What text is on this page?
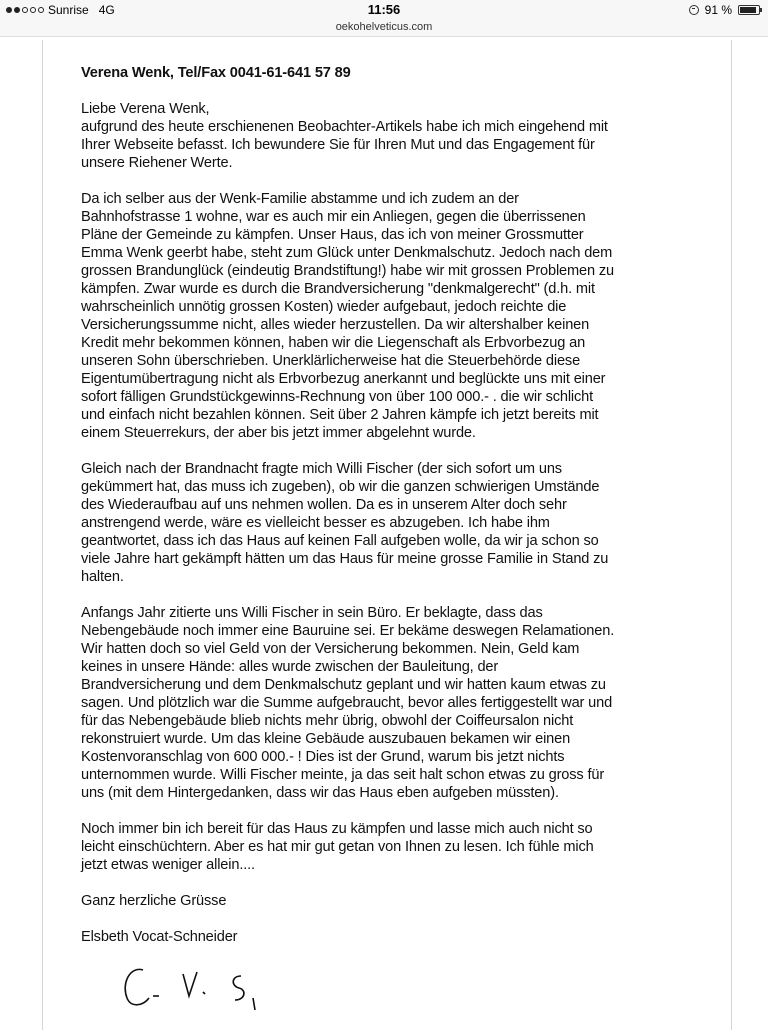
Sunrise 4G	11:56	91 %
oekohelveticus.com
Verena Wenk, Tel/Fax 0041-61-641 57 89
Liebe Verena Wenk,
aufgrund des heute erschienenen Beobachter-Artikels habe ich mich eingehend mit
Ihrer Webseite befasst. Ich bewundere Sie für Ihren Mut und das Engagement für
unsere Riehener Werte.
Da ich selber aus der Wenk-Familie abstamme und ich zudem an der
Bahnhofstrasse 1 wohne, war es auch mir ein Anliegen, gegen die überrissenen
Pläne der Gemeinde zu kämpfen. Unser Haus, das ich von meiner Grossmutter
Emma Wenk geerbt habe, steht zum Glück unter Denkmalschutz. Jedoch nach dem
grossen Brandunglück (eindeutig Brandstiftung!) habe wir mit grossen Problemen zu
kämpfen. Zwar wurde es durch die Brandversicherung "denkmalgerecht" (d.h. mit
wahrscheinlich unnötig grossen Kosten) wieder aufgebaut, jedoch reichte die
Versicherungssumme nicht, alles wieder herzustellen. Da wir altershalber keinen
Kredit mehr bekommen können, haben wir die Liegenschaft als Erbvorbezug an
unseren Sohn überschrieben. Unerklärlicherweise hat die Steuerbehörde diese
Eigentumübertragung nicht als Erbvorbezug anerkannt und beglückte uns mit einer
sofort fälligen Grundstückgewinns-Rechnung von über 100 000.- . die wir schlicht
und einfach nicht bezahlen können. Seit über 2 Jahren kämpfe ich jetzt bereits mit
einem Steuerrekurs, der aber bis jetzt immer abgelehnt wurde.
Gleich nach der Brandnacht fragte mich Willi Fischer (der sich sofort um uns
gekümmert hat, das muss ich zugeben), ob wir die ganzen schwierigen Umstände
des Wiederaufbau auf uns nehmen wollen. Da es in unserem Alter doch sehr
anstrengend werde, wäre es vielleicht besser es abzugeben. Ich habe ihm
geantwortet, dass ich das Haus auf keinen Fall aufgeben wolle, da wir ja schon so
viele Jahre hart gekämpft hätten um das Haus für meine grosse Familie in Stand zu
halten.
Anfangs Jahr zitierte uns Willi Fischer in sein Büro. Er beklagte, dass das
Nebengebäude noch immer eine Bauruine sei. Er bekäme deswegen Relamationen.
Wir hatten doch so viel Geld von der Versicherung bekommen. Nein, Geld kam
keines in unsere Hände: alles wurde zwischen der Bauleitung, der
Brandversicherung und dem Denkmalschutz geplant und wir hatten kaum etwas zu
sagen. Und plötzlich war die Summe aufgebraucht, bevor alles fertiggestellt war und
für das Nebengebäude blieb nichts mehr übrig, obwohl der Coiffeursalon nicht
rekonstruiert wurde. Um das kleine Gebäude auszubauen bekamen wir einen
Kostenvoranschlag von 600 000.- ! Dies ist der Grund, warum bis jetzt nichts
unternommen wurde. Willi Fischer meinte, ja das seit halt schon etwas zu gross für
uns (mit dem Hintergedanken, dass wir das Haus eben aufgeben müssten).
Noch immer bin ich bereit für das Haus zu kämpfen und lasse mich auch nicht so
leicht einschüchtern. Aber es hat mir gut getan von Ihnen zu lesen. Ich fühle mich
jetzt etwas weniger allein....
Ganz herzliche Grüsse
Elsbeth Vocat-Schneider
